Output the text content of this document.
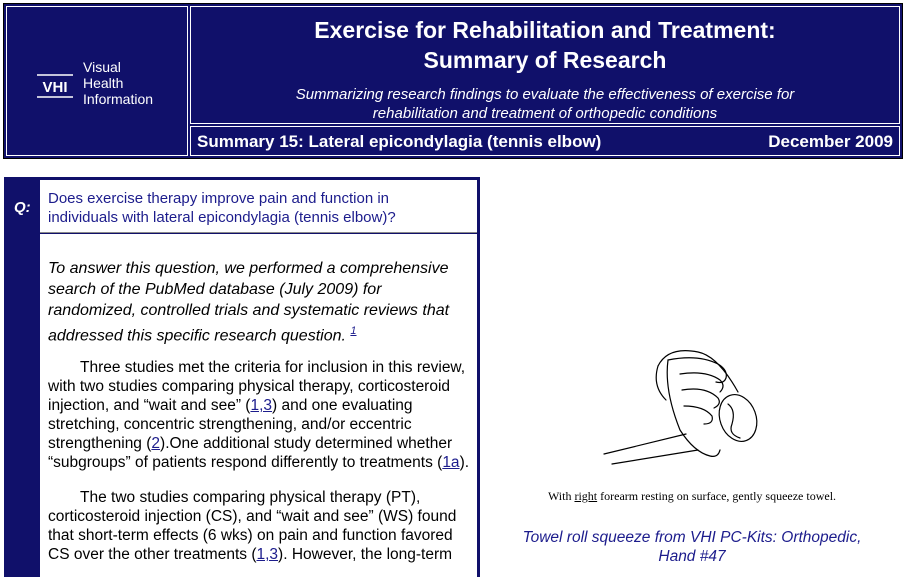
VHI
Visual
Health
Information
Exercise for Rehabilitation and Treatment:
Summary of Research
Summarizing research findings to evaluate the effectiveness of exercise for
rehabilitation and treatment of orthopedic conditions
Summary 15: Lateral epicondylagia (tennis elbow)	December 2009
Q:
Does exercise therapy improve pain and function in
individuals with lateral epicondylagia (tennis elbow)?
To answer this question, we performed a comprehensive search of the PubMed database (July 2009) for randomized, controlled trials and systematic reviews that addressed this specific research question. $^1$
Three studies met the criteria for inclusion in this review, with two studies comparing physical therapy, corticosteroid injection, and “wait and see” (1,3) and one evaluating stretching, concentric strengthening, and/or eccentric strengthening (2).One additional study determined whether “subgroups” of patients respond differently to treatments (1a).
The two studies comparing physical therapy (PT), corticosteroid injection (CS), and “wait and see” (WS) found that short-term effects (6 wks) on pain and function favored CS over the other treatments (1,3). However, the long-term
With right forearm resting on surface, gently squeeze towel.
Towel roll squeeze from VHI PC-Kits: Orthopedic,
Hand #47
